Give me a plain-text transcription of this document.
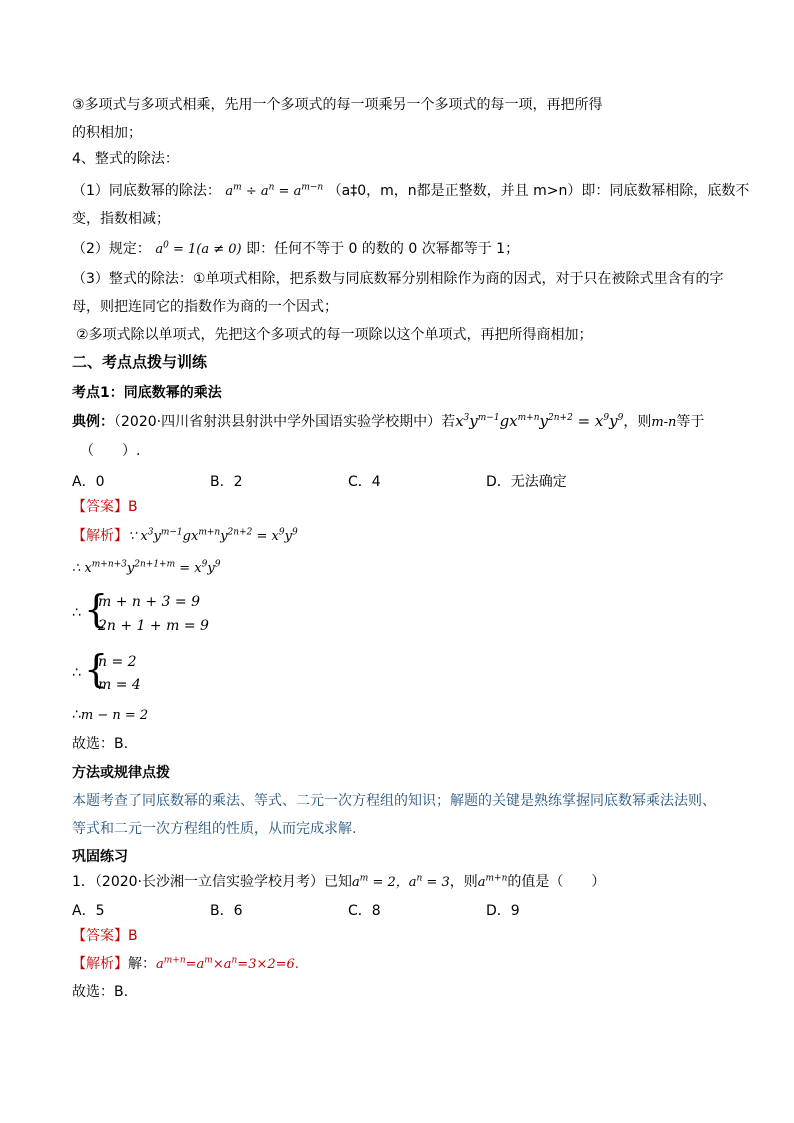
③多项式与多项式相乘，先用一个多项式的每一项乘另一个多项式的每一项，再把所得
的积相加；
4、整式的除法：
（1）同底数幂的除法： $a^m \div a^n = a^{m-n}$ （a‡0，m，n都是正整数，并且 m>n）即：同底数幂相除，底数不
变，指数相减；
（2）规定： $a^0 = 1(a \ne 0)$ 即：任何不等于 0 的数的 0 次幂都等于 1；
（3）整式的除法：①单项式相除，把系数与同底数幂分别相除作为商的因式，对于只在被除式里含有的字
母，则把连同它的指数作为商的一个因式；
②多项式除以单项式，先把这个多项式的每一项除以这个单项式，再把所得商相加；
二、考点点拨与训练
考点1：同底数幂的乘法
典例：（2020·四川省射洪县射洪中学外国语实验学校期中）若$x^3y^{m-1}gx^{m+n}y^{2n+2} = x^9y^9$，则m-n等于
（　　）.
A．0	B．2	C．4	D．无法确定
【答案】B
【解析】∵ $x^3y^{m-1}gx^{m+n}y^{2n+2} = x^9y^9$
∴ $x^{m+n+3}y^{2n+1+m} = x^9y^9$
∴ {
m + n + 3 = 9
2n + 1 + m = 9
∴ {
n = 2
m = 4
∴m − n = 2
故选：B.
方法或规律点拨
本题考查了同底数幂的乘法、等式、二元一次方程组的知识；解题的关键是熟练掌握同底数幂乘法法则、
等式和二元一次方程组的性质，从而完成求解.
巩固练习
1．（2020·长沙湘一立信实验学校月考）已知$a^m = 2$，$a^n = 3$，则$a^{m+n}$的值是（　　）
A．5	B．6	C．8	D．9
【答案】B
【解析】解：$a^{m+n}=a^m\times a^n=3\times 2=6$.
故选：B.
